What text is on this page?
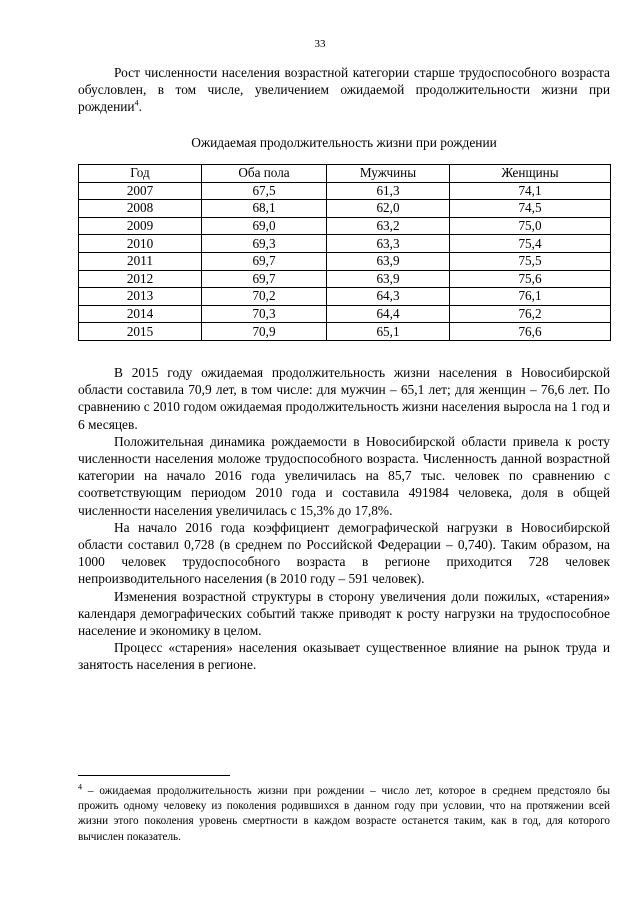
33

Рост численности населения возрастной категории старше трудоспособного возраста обусловлен, в том числе, увеличением ожидаемой продолжительности жизни при рождении$^4$.

Ожидаемая продолжительность жизни при рождении
Год	Оба пола	Мужчины	Женщины
2007	67,5	61,3	74,1
2008	68,1	62,0	74,5
2009	69,0	63,2	75,0
2010	69,3	63,3	75,4
2011	69,7	63,9	75,5
2012	69,7	63,9	75,6
2013	70,2	64,3	76,1
2014	70,3	64,4	76,2
2015	70,9	65,1	76,6

В 2015 году ожидаемая продолжительность жизни населения в Новосибирской области составила 70,9 лет, в том числе: для мужчин – 65,1 лет; для женщин – 76,6 лет. По сравнению с 2010 годом ожидаемая продолжительность жизни населения выросла на 1 год и 6 месяцев.

Положительная динамика рождаемости в Новосибирской области привела к росту численности населения моложе трудоспособного возраста. Численность данной возрастной категории на начало 2016 года увеличилась на 85,7 тыс. человек по сравнению с соответствующим периодом 2010 года и составила 491984 человека, доля в общей численности населения увеличилась с 15,3% до 17,8%.

На начало 2016 года коэффициент демографической нагрузки в Новосибирской области составил 0,728 (в среднем по Российской Федерации – 0,740). Таким образом, на 1000 человек трудоспособного возраста в регионе приходится 728 человек непроизводительного населения (в 2010 году – 591 человек).

Изменения возрастной структуры в сторону увеличения доли пожилых, «старения» календаря демографических событий также приводят к росту нагрузки на трудоспособное население и экономику в целом.

Процесс «старения» населения оказывает существенное влияние на рынок труда и занятость населения в регионе.

$^4$ – ожидаемая продолжительность жизни при рождении – число лет, которое в среднем предстояло бы прожить одному человеку из поколения родившихся в данном году при условии, что на протяжении всей жизни этого поколения уровень смертности в каждом возрасте останется таким, как в год, для которого вычислен показатель.
